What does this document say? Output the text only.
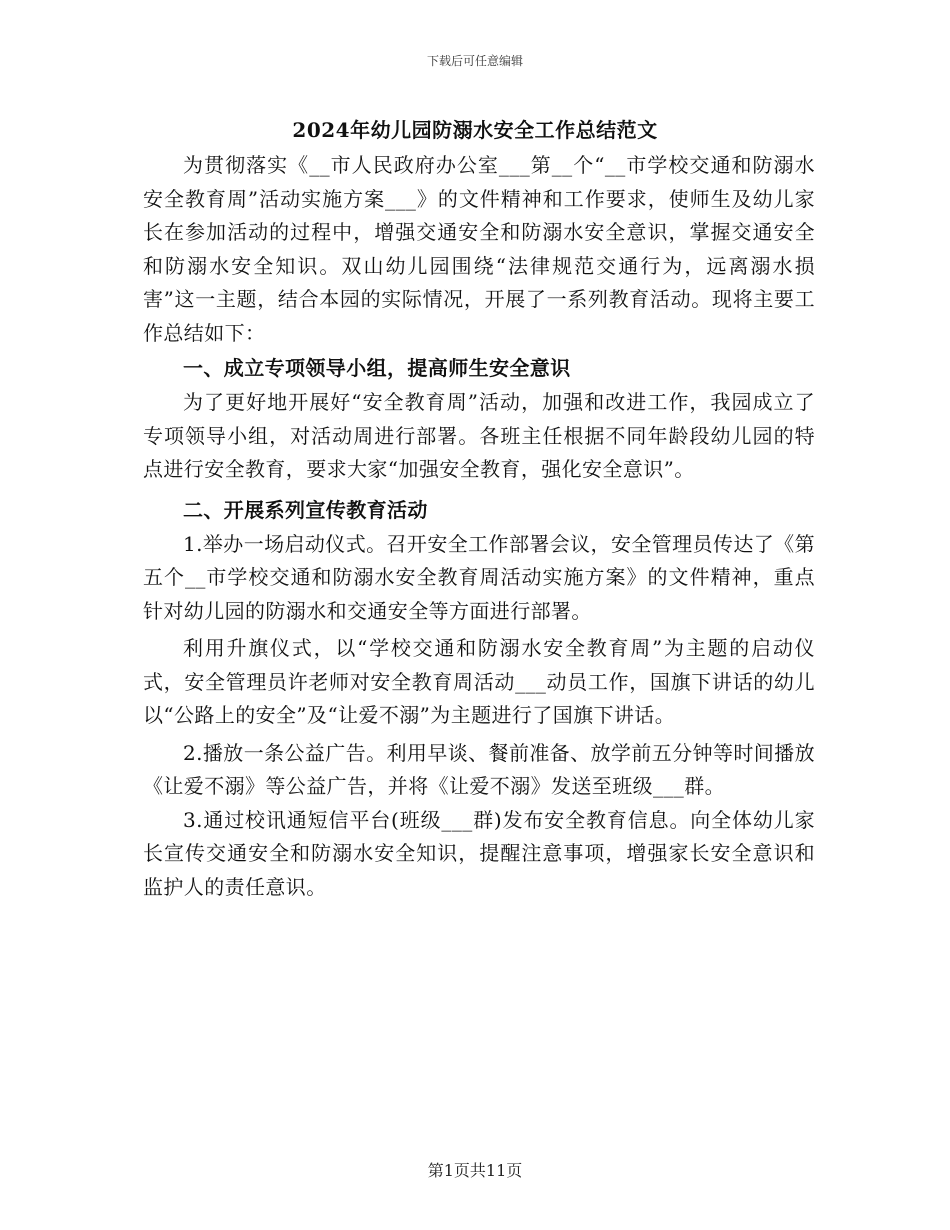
下载后可任意编辑
2024年幼儿园防溺水安全工作总结范文

为贯彻落实《__市人民政府办公室___第__个“__市学校交通和防溺水安全教育周”活动实施方案___》的文件精神和工作要求，使师生及幼儿家长在参加活动的过程中，增强交通安全和防溺水安全意识，掌握交通安全和防溺水安全知识。双山幼儿园围绕“法律规范交通行为，远离溺水损害”这一主题，结合本园的实际情况，开展了一系列教育活动。现将主要工作总结如下：

一、成立专项领导小组，提高师生安全意识

为了更好地开展好“安全教育周”活动，加强和改进工作，我园成立了专项领导小组，对活动周进行部署。各班主任根据不同年龄段幼儿园的特点进行安全教育，要求大家“加强安全教育，强化安全意识”。

二、开展系列宣传教育活动

1.举办一场启动仪式。召开安全工作部署会议，安全管理员传达了《第五个__市学校交通和防溺水安全教育周活动实施方案》的文件精神，重点针对幼儿园的防溺水和交通安全等方面进行部署。

利用升旗仪式，以“学校交通和防溺水安全教育周”为主题的启动仪式，安全管理员许老师对安全教育周活动___动员工作，国旗下讲话的幼儿以“公路上的安全”及“让爱不溺”为主题进行了国旗下讲话。

2.播放一条公益广告。利用早谈、餐前准备、放学前五分钟等时间播放《让爱不溺》等公益广告，并将《让爱不溺》发送至班级___群。

3.通过校讯通短信平台(班级___群)发布安全教育信息。向全体幼儿家长宣传交通安全和防溺水安全知识，提醒注意事项，增强家长安全意识和监护人的责任意识。

第1页共11页
